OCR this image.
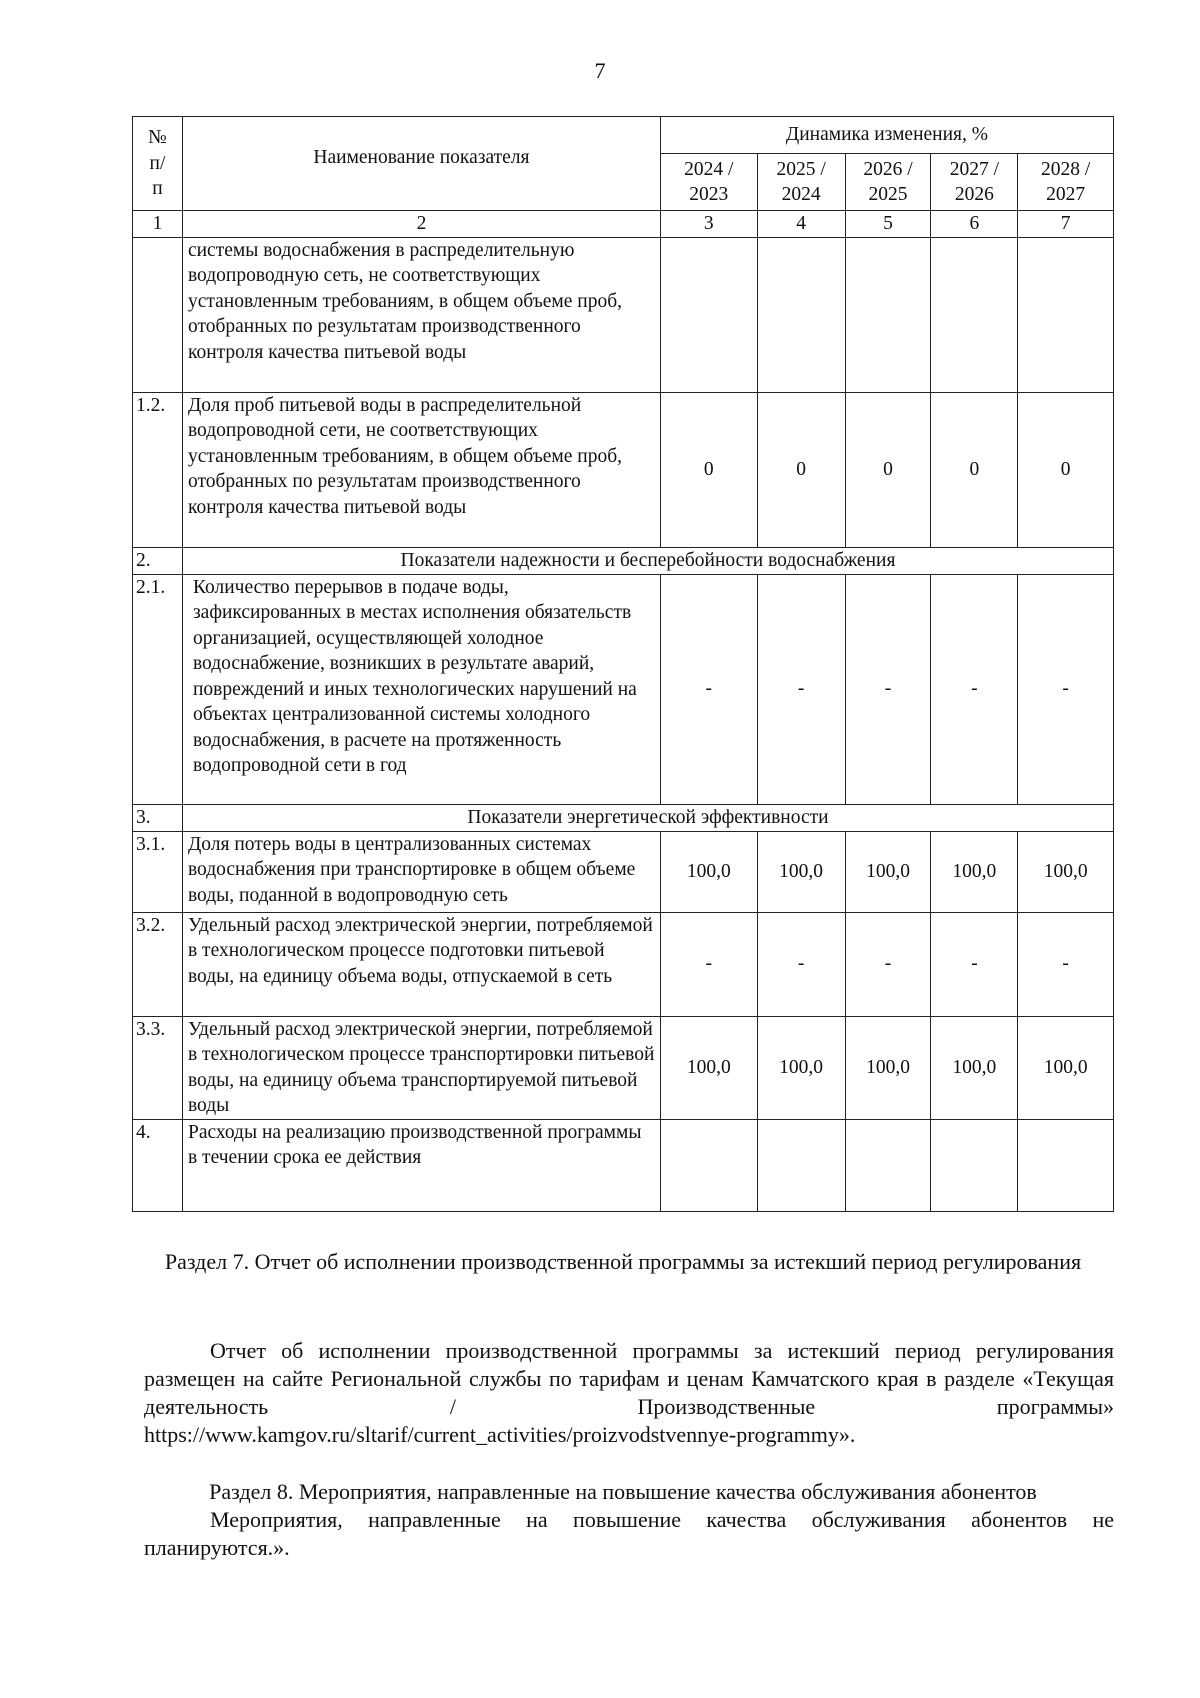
7
№ п/п	Наименование показателя	Динамика изменения, %				
		2024 / 2023	2025 / 2024	2026 / 2025	2027 / 2026	2028 / 2027
1	2	3	4	5	6	7
	системы водоснабжения в распределительную водопроводную сеть, не соответствующих установленным требованиям, в общем объеме проб, отобранных по результатам производственного контроля качества питьевой воды					
1.2.	Доля проб питьевой воды в распределительной водопроводной сети, не соответствующих установленным требованиям, в общем объеме проб, отобранных по результатам производственного контроля качества питьевой воды	0	0	0	0	0
2.	Показатели надежности и бесперебойности водоснабжения					
2.1.	Количество перерывов в подаче воды, зафиксированных в местах исполнения обязательств организацией, осуществляющей холодное водоснабжение, возникших в результате аварий, повреждений и иных технологических нарушений на объектах централизованной системы холодного водоснабжения, в расчете на протяженность водопроводной сети в год	-	-	-	-	-
3.	Показатели энергетической эффективности					
3.1.	Доля потерь воды в централизованных системах водоснабжения при транспортировке в общем объеме воды, поданной в водопроводную сеть	100,0	100,0	100,0	100,0	100,0
3.2.	Удельный расход электрической энергии, потребляемой в технологическом процессе подготовки питьевой воды, на единицу объема воды, отпускаемой в сеть	-	-	-	-	-
3.3.	Удельный расход электрической энергии, потребляемой в технологическом процессе транспортировки питьевой воды, на единицу объема транспортируемой питьевой воды	100,0	100,0	100,0	100,0	100,0
4.	Расходы на реализацию производственной программы в течении срока ее действия					
Раздел 7. Отчет об исполнении производственной программы за истекший период регулирования
Отчет об исполнении производственной программы за истекший период регулирования размещен на сайте Региональной службы по тарифам и ценам Камчатского края в разделе «Текущая деятельность / Производственные программы»
https://www.kamgov.ru/sltarif/current_activities/proizvodstvennye-programmy».
Раздел 8. Мероприятия, направленные на повышение качества обслуживания абонентов
Мероприятия, направленные на повышение качества обслуживания абонентов не планируются.».
